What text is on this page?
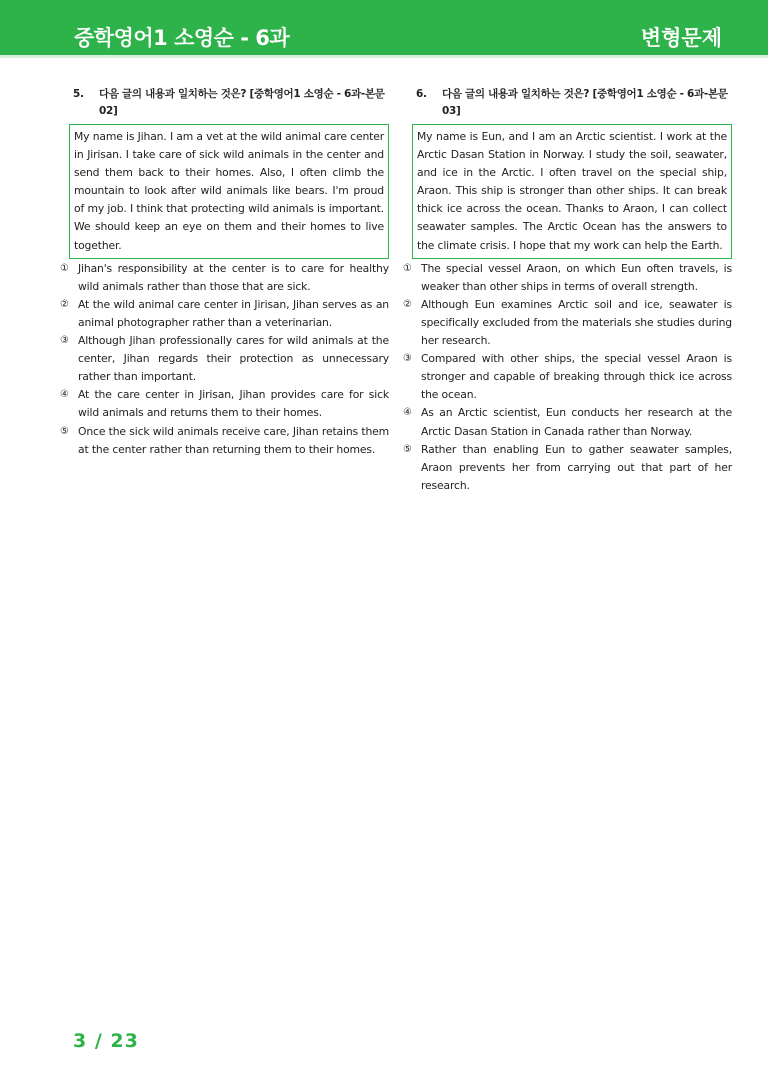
중학영어1 소영순 - 6과	변형문제
5.	다음 글의 내용과 일치하는 것은? [중학영어1 소영순 - 6과-본문 02]
My name is Jihan. I am a vet at the wild animal care center in Jirisan. I take care of sick wild animals in the center and send them back to their homes. Also, I often climb the mountain to look after wild animals like bears. I'm proud of my job. I think that protecting wild animals is important. We should keep an eye on them and their homes to live together.
① Jihan's responsibility at the center is to care for healthy wild animals rather than those that are sick.
② At the wild animal care center in Jirisan, Jihan serves as an animal photographer rather than a veterinarian.
③ Although Jihan professionally cares for wild animals at the center, Jihan regards their protection as unnecessary rather than important.
④ At the care center in Jirisan, Jihan provides care for sick wild animals and returns them to their homes.
⑤ Once the sick wild animals receive care, Jihan retains them at the center rather than returning them to their homes.
6.	다음 글의 내용과 일치하는 것은? [중학영어1 소영순 - 6과-본문 03]
My name is Eun, and I am an Arctic scientist. I work at the Arctic Dasan Station in Norway. I study the soil, seawater, and ice in the Arctic. I often travel on the special ship, Araon. This ship is stronger than other ships. It can break thick ice across the ocean. Thanks to Araon, I can collect seawater samples. The Arctic Ocean has the answers to the climate crisis. I hope that my work can help the Earth.
① The special vessel Araon, on which Eun often travels, is weaker than other ships in terms of overall strength.
② Although Eun examines Arctic soil and ice, seawater is specifically excluded from the materials she studies during her research.
③ Compared with other ships, the special vessel Araon is stronger and capable of breaking through thick ice across the ocean.
④ As an Arctic scientist, Eun conducts her research at the Arctic Dasan Station in Canada rather than Norway.
⑤ Rather than enabling Eun to gather seawater samples, Araon prevents her from carrying out that part of her research.
3 / 23
